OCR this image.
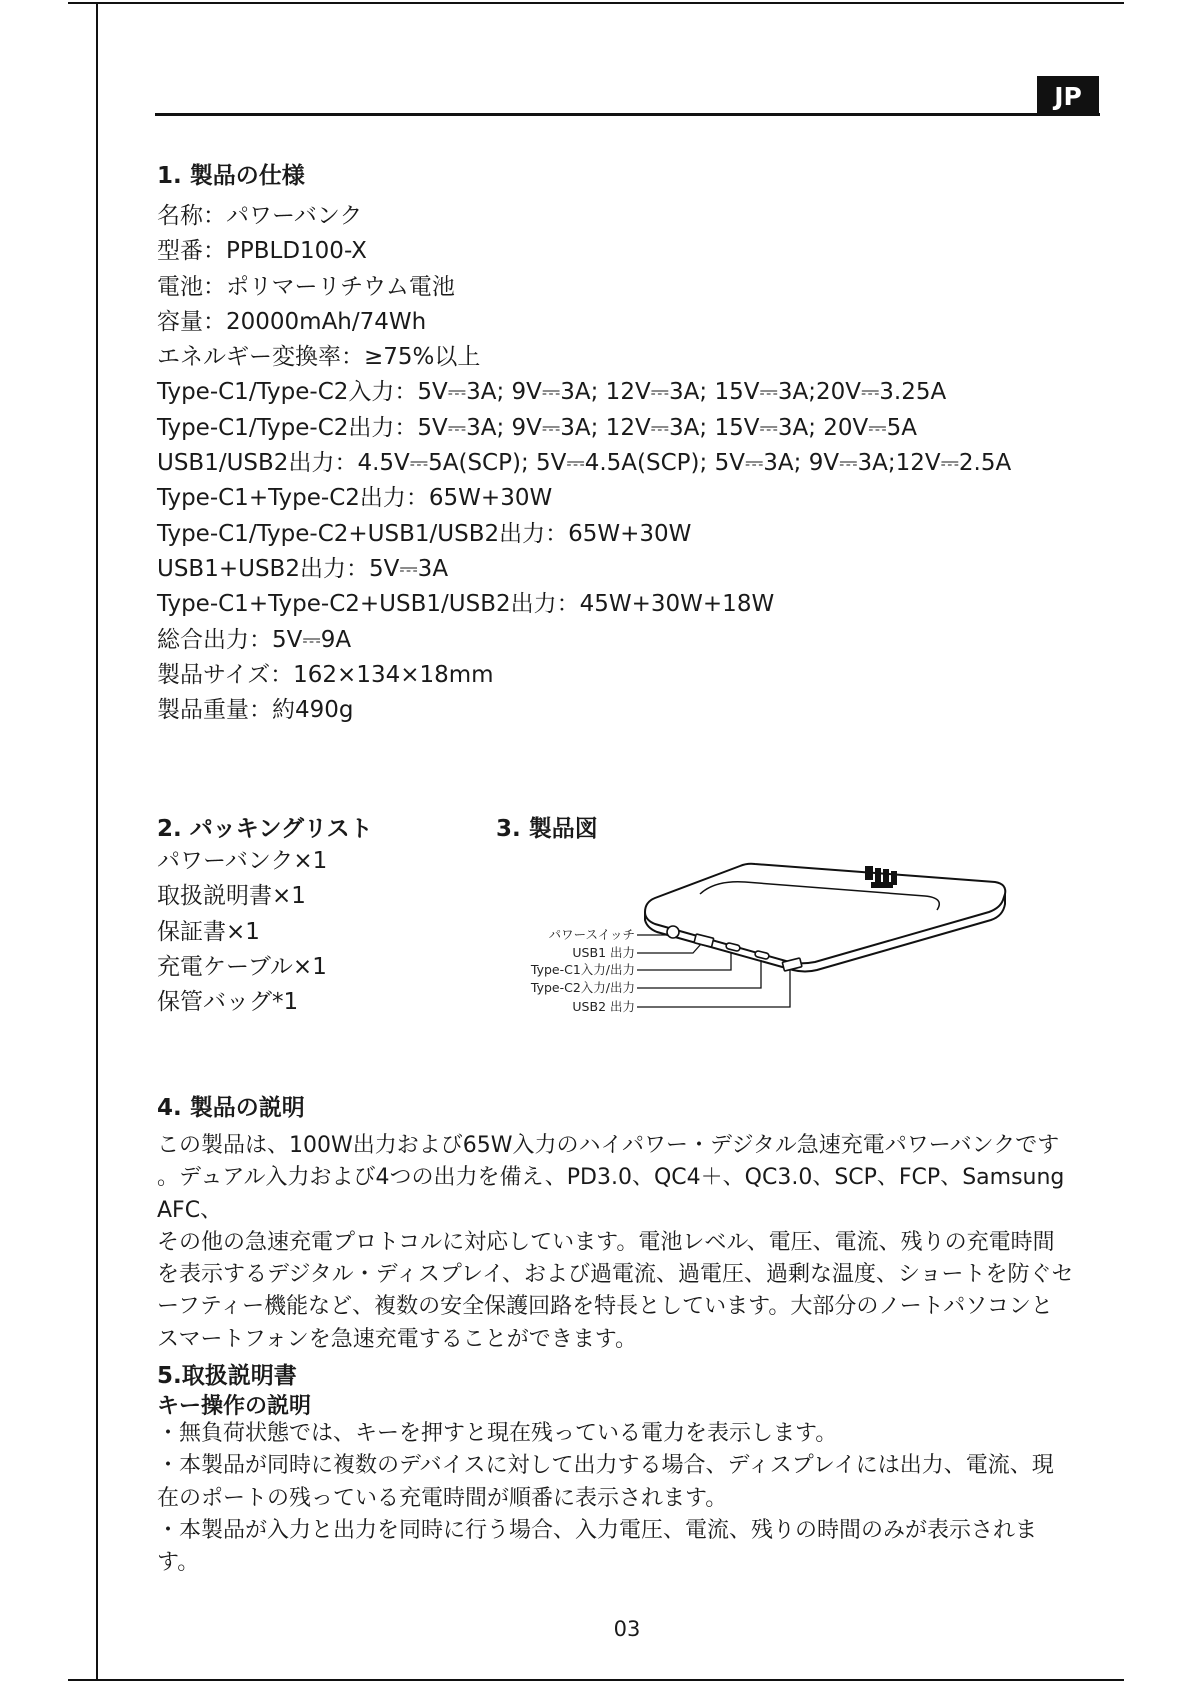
JP
1. 製品の仕様
名称：パワーバンク
型番：PPBLD100-X
電池：ポリマーリチウム電池
容量：20000mAh/74Wh
エネルギー変換率：≥75%以上
Type-C1/Type-C2入力：5V⎓3A; 9V⎓3A; 12V⎓3A; 15V⎓3A;20V⎓3.25A
Type-C1/Type-C2出力：5V⎓3A; 9V⎓3A; 12V⎓3A; 15V⎓3A; 20V⎓5A
USB1/USB2出力：4.5V⎓5A(SCP); 5V⎓4.5A(SCP); 5V⎓3A; 9V⎓3A;12V⎓2.5A
Type-C1+Type-C2出力：65W+30W
Type-C1/Type-C2+USB1/USB2出力：65W+30W
USB1+USB2出力：5V⎓3A
Type-C1+Type-C2+USB1/USB2出力：45W+30W+18W
総合出力：5V⎓9A
製品サイズ：162×134×18mm
製品重量：約490g
2. パッキングリスト
パワーバンク×1
取扱説明書×1
保証書×1
充電ケーブル×1
保管バッグ*1
3. 製品図
パワースイッチ
USB1 出力
Type-C1入力/出力
Type-C2入力/出力
USB2 出力
4. 製品の説明
この製品は、100W出力および65W入力のハイパワー・デジタル急速充電パワーバンクです
。デュアル入力および4つの出力を備え、PD3.0、QC4＋、QC3.0、SCP、FCP、Samsung AFC、
その他の急速充電プロトコルに対応しています。電池レベル、電圧、電流、残りの充電時間
を表示するデジタル・ディスプレイ、および過電流、過電圧、過剰な温度、ショートを防ぐセ
ーフティー機能など、複数の安全保護回路を特長としています。大部分のノートパソコンと
スマートフォンを急速充電することができます。
5.取扱説明書
キー操作の説明
・無負荷状態では、キーを押すと現在残っている電力を表示します。
・本製品が同時に複数のデバイスに対して出力する場合、ディスプレイには出力、電流、現
在のポートの残っている充電時間が順番に表示されます。
・本製品が入力と出力を同時に行う場合、入力電圧、電流、残りの時間のみが表示されま
す。
03
